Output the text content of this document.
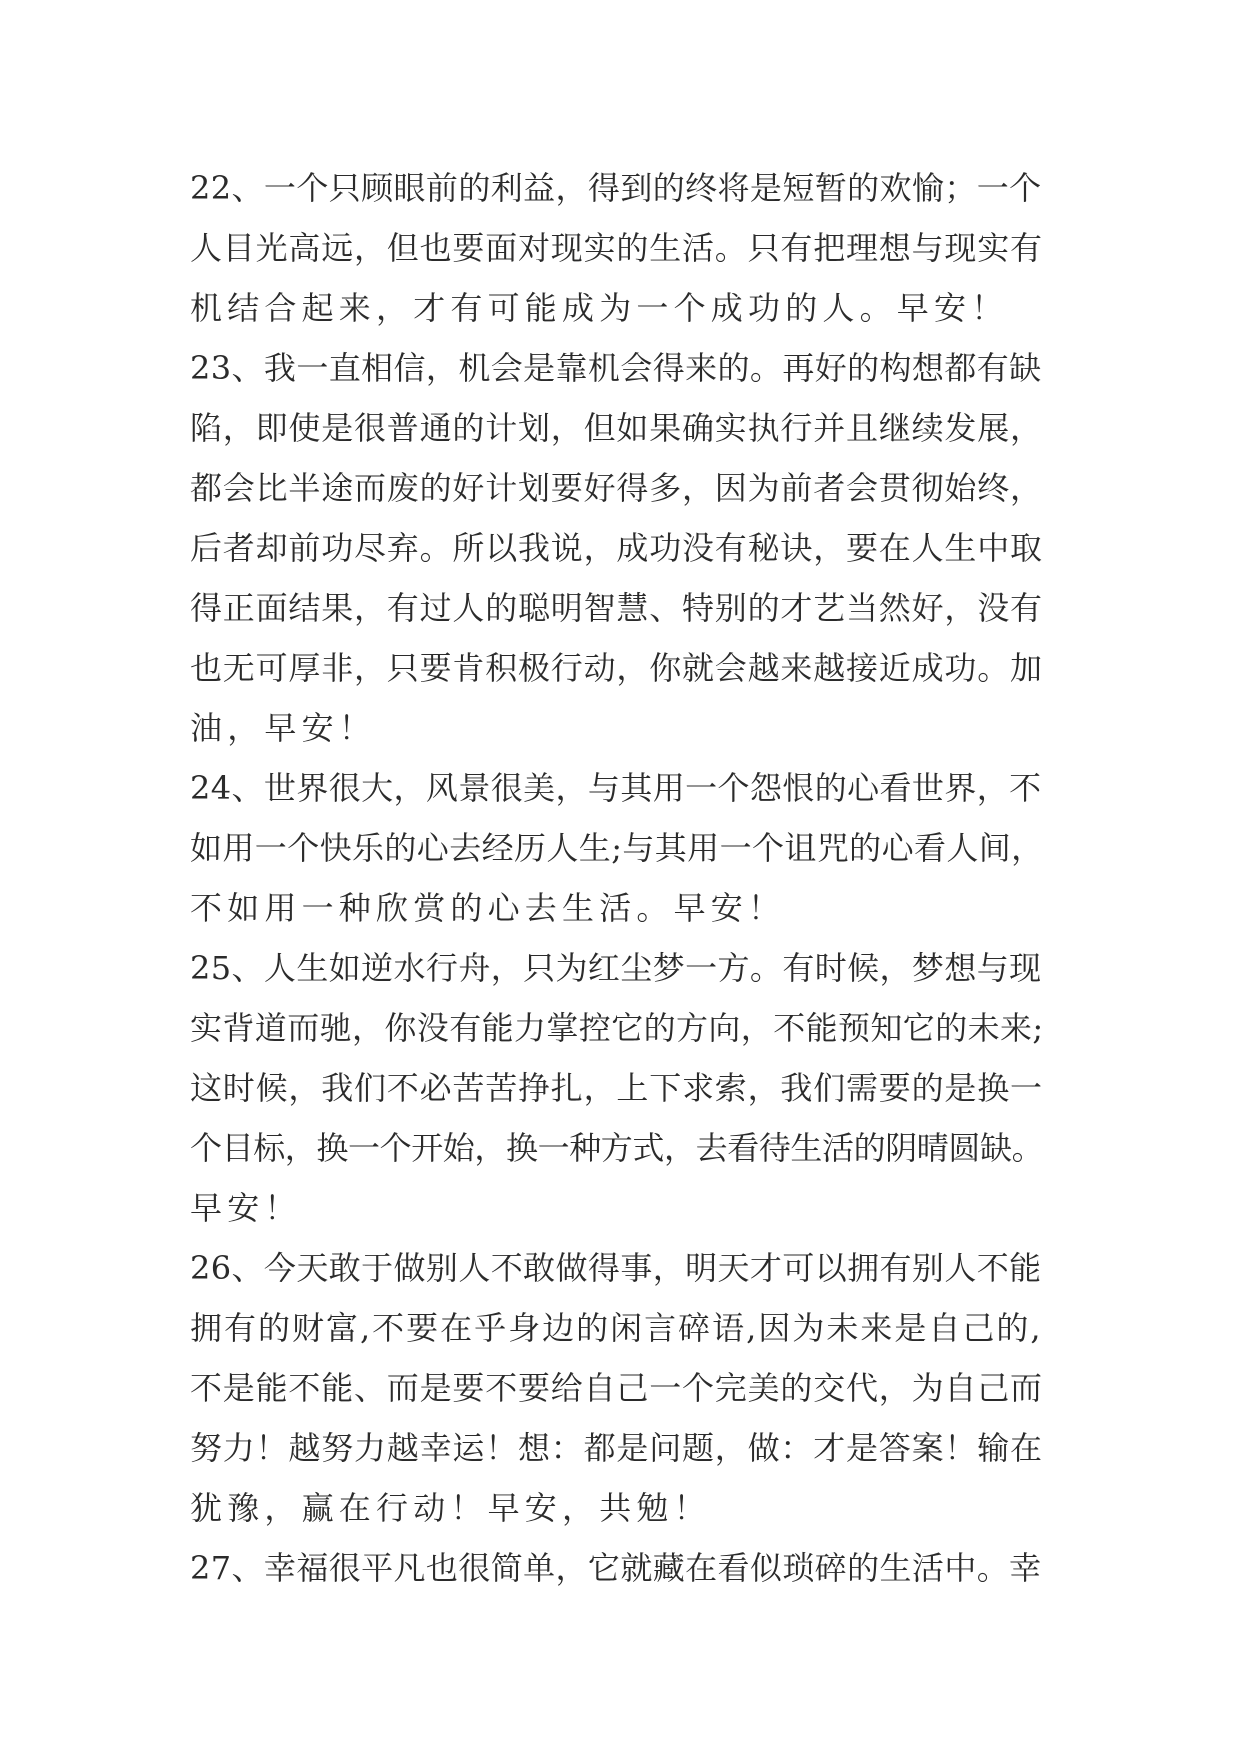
22、一个只顾眼前的利益，得到的终将是短暂的欢愉；一个
人目光高远，但也要面对现实的生活。只有把理想与现实有
机结合起来，才有可能成为一个成功的人。早安！
23、我一直相信，机会是靠机会得来的。再好的构想都有缺
陷，即使是很普通的计划，但如果确实执行并且继续发展，
都会比半途而废的好计划要好得多，因为前者会贯彻始终，
后者却前功尽弃。所以我说，成功没有秘诀，要在人生中取
得正面结果，有过人的聪明智慧、特别的才艺当然好，没有
也无可厚非，只要肯积极行动，你就会越来越接近成功。加
油，早安！
24、世界很大，风景很美，与其用一个怨恨的心看世界，不
如用一个快乐的心去经历人生;与其用一个诅咒的心看人间，
不如用一种欣赏的心去生活。早安！
25、人生如逆水行舟，只为红尘梦一方。有时候，梦想与现
实背道而驰，你没有能力掌控它的方向，不能预知它的未来;
这时候，我们不必苦苦挣扎，上下求索，我们需要的是换一
个目标，换一个开始，换一种方式，去看待生活的阴晴圆缺。
早安！
26、今天敢于做别人不敢做得事，明天才可以拥有别人不能
拥有的财富,不要在乎身边的闲言碎语,因为未来是自己的,
不是能不能、而是要不要给自己一个完美的交代，为自己而
努力！越努力越幸运！想：都是问题，做：才是答案！输在
犹豫，赢在行动！早安，共勉！
27、幸福很平凡也很简单，它就藏在看似琐碎的生活中。幸
